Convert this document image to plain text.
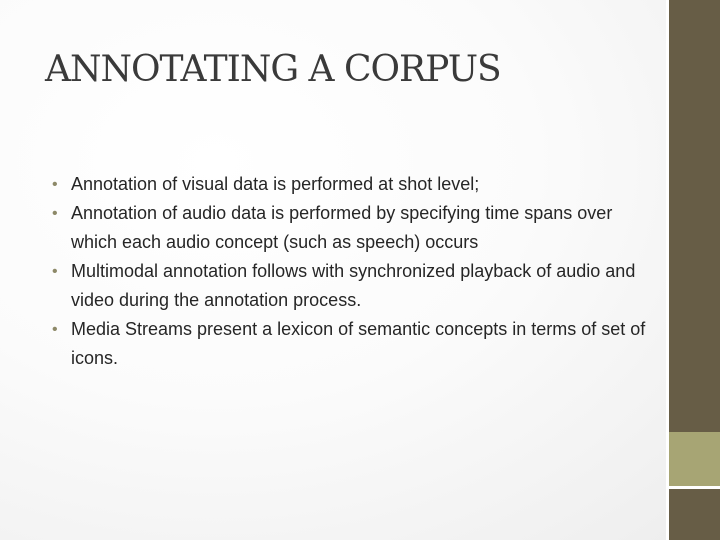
ANNOTATING A CORPUS
• Annotation of visual data is performed at shot level;
• Annotation of audio data is performed by specifying time spans over which each audio concept (such as speech) occurs
• Multimodal annotation follows with synchronized playback of audio and video during the annotation process.
• Media Streams present a lexicon of semantic concepts in terms of set of icons.
